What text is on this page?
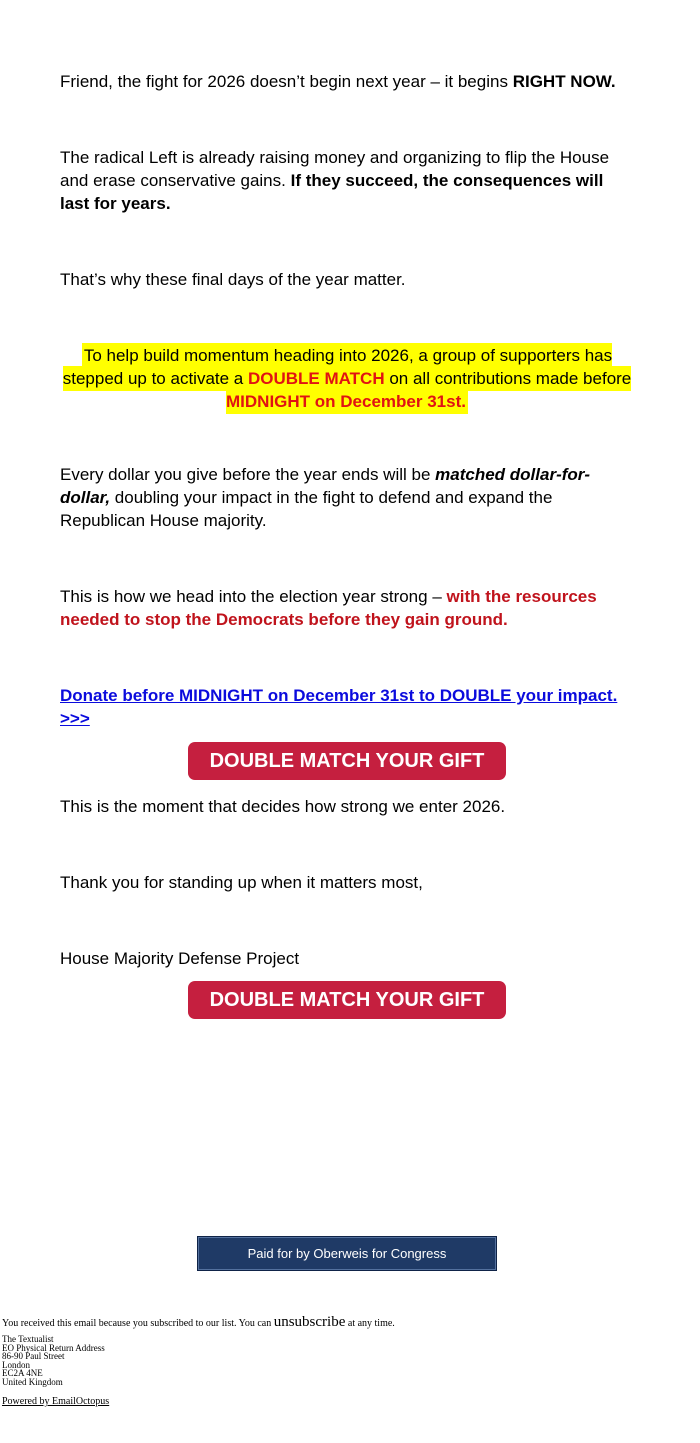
Friend, the fight for 2026 doesn’t begin next year – it begins RIGHT NOW.

The radical Left is already raising money and organizing to flip the House and erase conservative gains. If they succeed, the consequences will last for years.

That’s why these final days of the year matter.

To help build momentum heading into 2026, a group of supporters has stepped up to activate a DOUBLE MATCH on all contributions made before MIDNIGHT on December 31st.

Every dollar you give before the year ends will be matched dollar-for-dollar, doubling your impact in the fight to defend and expand the Republican House majority.

This is how we head into the election year strong – with the resources needed to stop the Democrats before they gain ground.

Donate before MIDNIGHT on December 31st to DOUBLE your impact. >>>

DOUBLE MATCH YOUR GIFT

This is the moment that decides how strong we enter 2026.

Thank you for standing up when it matters most,

House Majority Defense Project

DOUBLE MATCH YOUR GIFT
Paid for by Oberweis for Congress
You received this email because you subscribed to our list. You can unsubscribe at any time.
The Textualist
EO Physical Return Address
86-90 Paul Street
London
EC2A 4NE
United Kingdom
Powered by EmailOctopus
